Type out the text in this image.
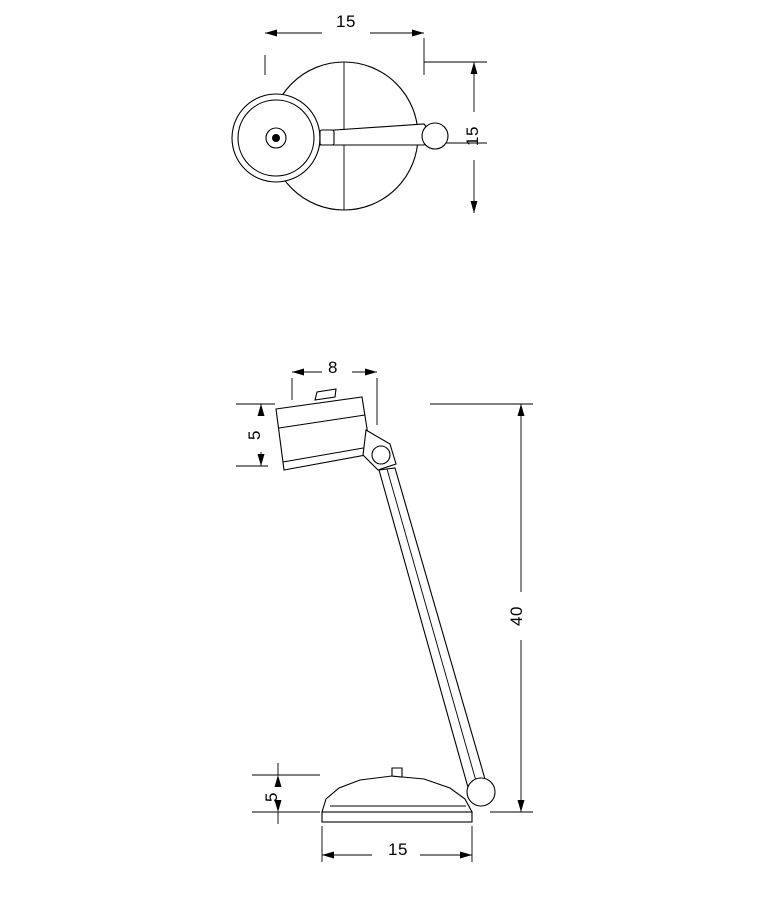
15
15
8
5
40
5
15
